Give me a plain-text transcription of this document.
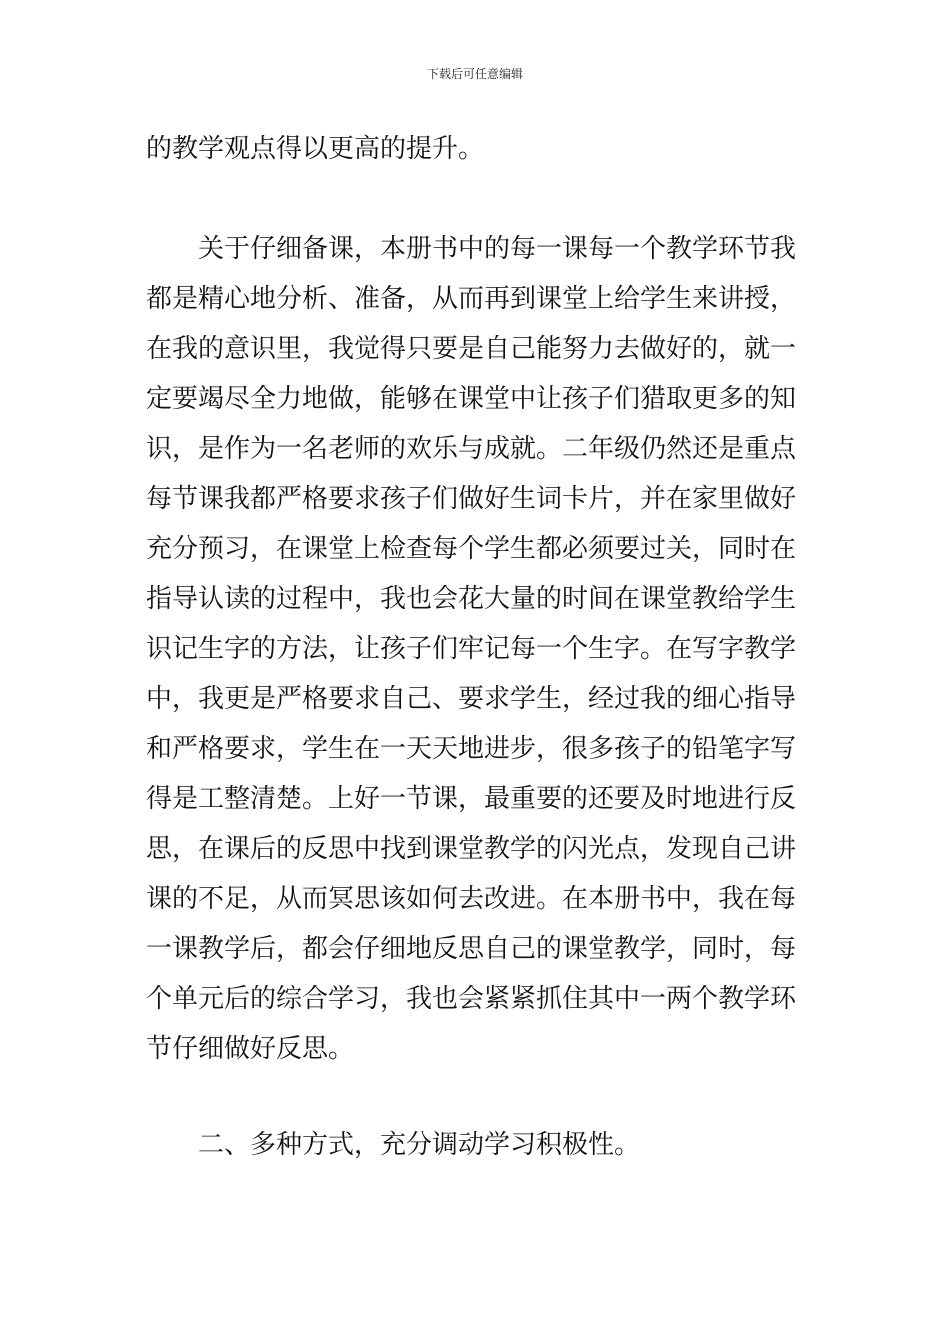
下载后可任意编辑
的教学观点得以更高的提升。
　　关于仔细备课，本册书中的每一课每一个教学环节我
都是精心地分析、准备，从而再到课堂上给学生来讲授，
在我的意识里，我觉得只要是自己能努力去做好的，就一
定要竭尽全力地做，能够在课堂中让孩子们猎取更多的知
识，是作为一名老师的欢乐与成就。二年级仍然还是重点
每节课我都严格要求孩子们做好生词卡片，并在家里做好
充分预习，在课堂上检查每个学生都必须要过关，同时在
指导认读的过程中，我也会花大量的时间在课堂教给学生
识记生字的方法，让孩子们牢记每一个生字。在写字教学
中，我更是严格要求自己、要求学生，经过我的细心指导
和严格要求，学生在一天天地进步，很多孩子的铅笔字写
得是工整清楚。上好一节课，最重要的还要及时地进行反
思，在课后的反思中找到课堂教学的闪光点，发现自己讲
课的不足，从而冥思该如何去改进。在本册书中，我在每
一课教学后，都会仔细地反思自己的课堂教学，同时，每
个单元后的综合学习，我也会紧紧抓住其中一两个教学环
节仔细做好反思。
　　二、多种方式，充分调动学习积极性。
